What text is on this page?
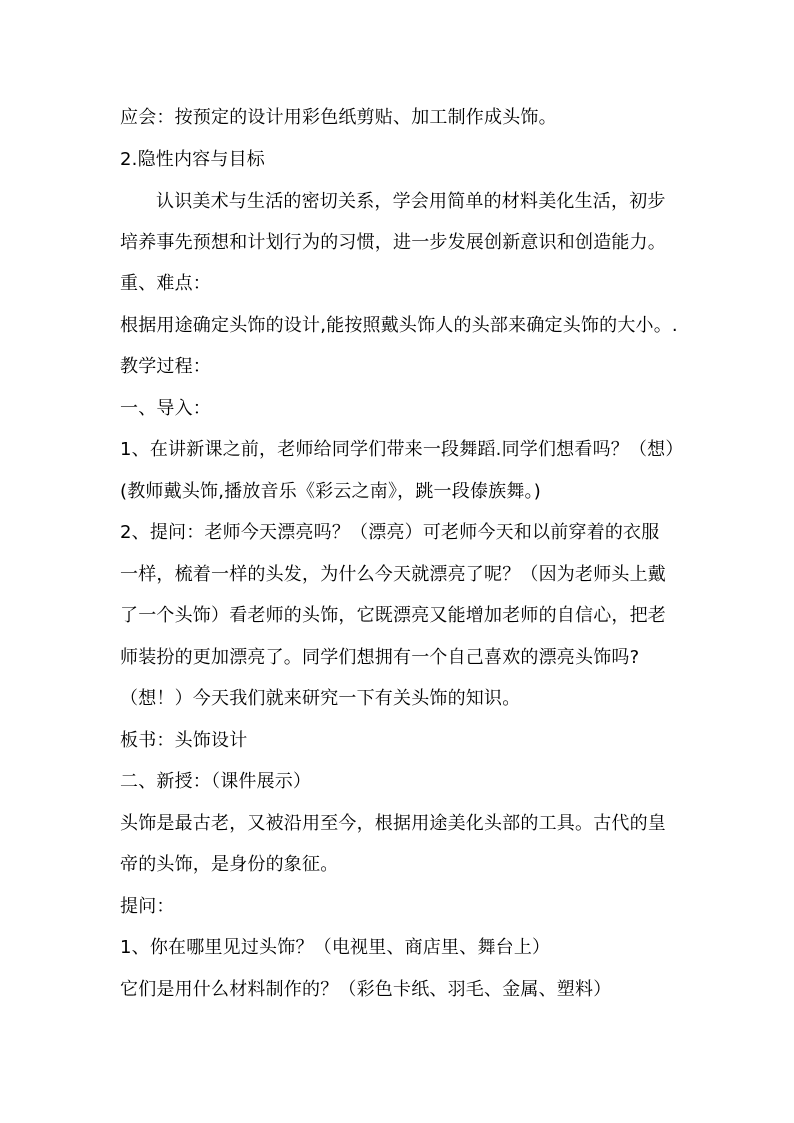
应会：按预定的设计用彩色纸剪贴、加工制作成头饰。
2.隐性内容与目标
认识美术与生活的密切关系，学会用简单的材料美化生活，初步
培养事先预想和计划行为的习惯，进一步发展创新意识和创造能力。
重、难点：
根据用途确定头饰的设计,能按照戴头饰人的头部来确定头饰的大小。.
教学过程：
一、导入：
1、在讲新课之前，老师给同学们带来一段舞蹈.同学们想看吗？（想）
(教师戴头饰,播放音乐《彩云之南》，跳一段傣族舞。)
2、提问：老师今天漂亮吗？（漂亮）可老师今天和以前穿着的衣服
一样，梳着一样的头发，为什么今天就漂亮了呢？（因为老师头上戴
了一个头饰）看老师的头饰，它既漂亮又能增加老师的自信心，把老
师装扮的更加漂亮了。同学们想拥有一个自己喜欢的漂亮头饰吗?
（想！）今天我们就来研究一下有关头饰的知识。
板书：头饰设计
二、新授：（课件展示）
头饰是最古老，又被沿用至今，根据用途美化头部的工具。古代的皇
帝的头饰，是身份的象征。
提问：
1、你在哪里见过头饰？（电视里、商店里、舞台上）
它们是用什么材料制作的？（彩色卡纸、羽毛、金属、塑料）
